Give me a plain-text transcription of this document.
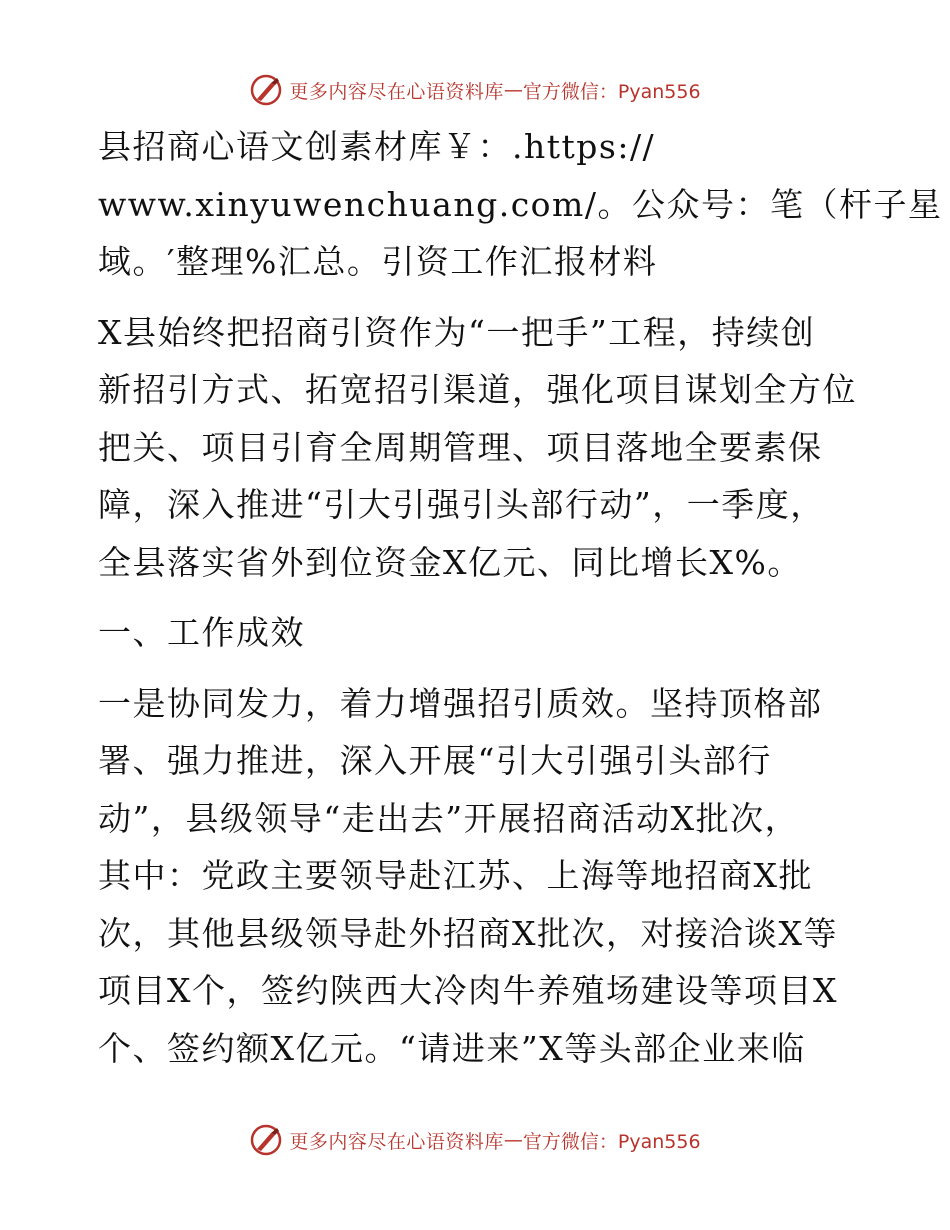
更多内容尽在心语资料库 — 官方微信：Pyan556
县招商心语文创素材库￥：.https://
www.xinyuwenchuang.com/。公众号：笔（杆子星
域。′整理%汇总。引资工作汇报材料
X县始终把招商引资作为“一把手”工程，持续创
新招引方式、拓宽招引渠道，强化项目谋划全方位
把关、项目引育全周期管理、项目落地全要素保
障，深入推进“引大引强引头部行动”，一季度，
全县落实省外到位资金X亿元、同比增长X%。
一、工作成效
一是协同发力，着力增强招引质效。坚持顶格部
署、强力推进，深入开展“引大引强引头部行
动”，县级领导“走出去”开展招商活动X批次，
其中：党政主要领导赴江苏、上海等地招商X批
次，其他县级领导赴外招商X批次，对接洽谈X等
项目X个，签约陕西大冷肉牛养殖场建设等项目X
个、签约额X亿元。“请进来”X等头部企业来临
更多内容尽在心语资料库 — 官方微信：Pyan556
